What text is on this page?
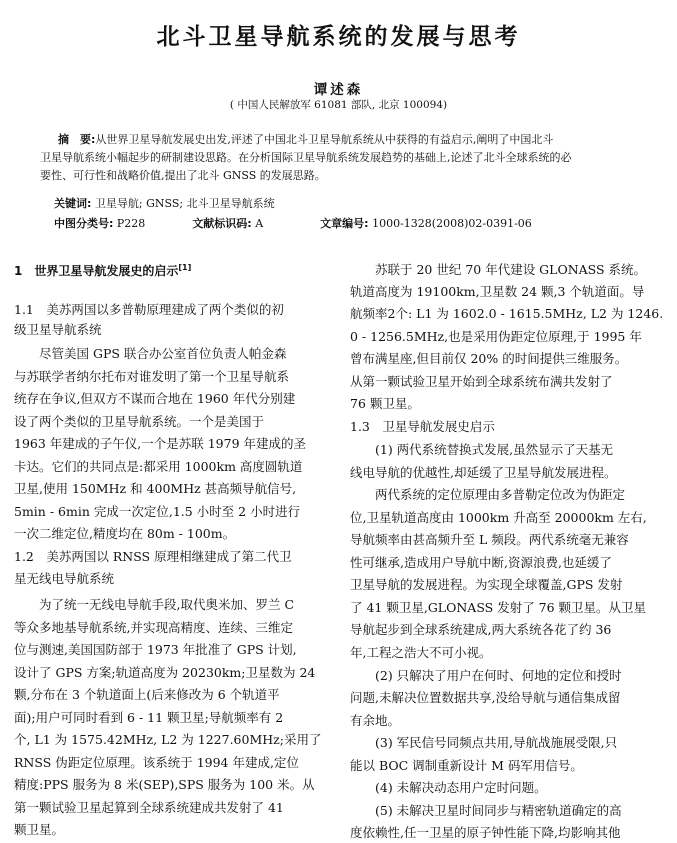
北斗卫星导航系统的发展与思考
谭述森
( 中国人民解放军 61081 部队, 北京 100094)
摘　要:从世界卫星导航发展史出发,评述了中国北斗卫星导航系统从中获得的有益启示,阐明了中国北斗
卫星导航系统小幅起步的研制建设思路。在分析国际卫星导航系统发展趋势的基础上,论述了北斗全球系统的必
要性、可行性和战略价值,提出了北斗 GNSS 的发展思路。
关键词: 卫星导航; GNSS; 北斗卫星导航系统
中图分类号: P228	文献标识码: A	文章编号: 1000-1328(2008)02-0391-06
1　世界卫星导航发展史的启示[1]
1.1　美苏两国以多普勒原理建成了两个类似的初
级卫星导航系统
　　尽管美国 GPS 联合办公室首位负责人帕金森
与苏联学者纳尔托布对谁发明了第一个卫星导航系
统存在争议,但双方不谋而合地在 1960 年代分别建
设了两个类似的卫星导航系统。一个是美国于
1963 年建成的子午仪,一个是苏联 1979 年建成的圣
卡达。它们的共同点是:都采用 1000km 高度圆轨道
卫星,使用 150MHz 和 400MHz 甚高频导航信号,
5min - 6min 完成一次定位,1.5 小时至 2 小时进行
一次二维定位,精度均在 80m - 100m。
1.2　美苏两国以 RNSS 原理相继建成了第二代卫
星无线电导航系统
　　为了统一无线电导航手段,取代奥米加、罗兰 C
等众多地基导航系统,并实现高精度、连续、三维定
位与测速,美国国防部于 1973 年批准了 GPS 计划,
设计了 GPS 方案;轨道高度为 20230km;卫星数为 24
颗,分布在 3 个轨道面上(后来修改为 6 个轨道平
面);用户可同时看到 6 - 11 颗卫星;导航频率有 2
个, L1 为 1575.42MHz, L2 为 1227.60MHz;采用了
RNSS 伪距定位原理。该系统于 1994 年建成,定位
精度:PPS 服务为 8 米(SEP),SPS 服务为 100 米。从
第一颗试验卫星起算到全球系统建成共发射了 41
颗卫星。
　　苏联于 20 世纪 70 年代建设 GLONASS 系统。
轨道高度为 19100km,卫星数 24 颗,3 个轨道面。导
航频率2个: L1 为 1602.0 - 1615.5MHz, L2 为 1246.
0 - 1256.5MHz,也是采用伪距定位原理,于 1995 年
曾布满星座,但目前仅 20% 的时间提供三维服务。
从第一颗试验卫星开始到全球系统布满共发射了
76 颗卫星。
1.3　卫星导航发展史启示
　　(1) 两代系统替换式发展,虽然显示了天基无
线电导航的优越性,却延缓了卫星导航发展进程。
　　两代系统的定位原理由多普勒定位改为伪距定
位,卫星轨道高度由 1000km 升高至 20000km 左右,
导航频率由甚高频升至 L 频段。两代系统毫无兼容
性可继承,造成用户导航中断,资源浪费,也延缓了
卫星导航的发展进程。为实现全球覆盖,GPS 发射
了 41 颗卫星,GLONASS 发射了 76 颗卫星。从卫星
导航起步到全球系统建成,两大系统各花了约 36
年,工程之浩大不可小视。
　　(2) 只解决了用户在何时、何地的定位和授时
问题,未解决位置数据共享,没给导航与通信集成留
有余地。
　　(3) 军民信号同频点共用,导航战施展受限,只
能以 BOC 调制重新设计 M 码军用信号。
　　(4) 未解决动态用户定时问题。
　　(5) 未解决卫星时间同步与精密轨道确定的高
度依赖性,任一卫星的原子钟性能下降,均影响其他
